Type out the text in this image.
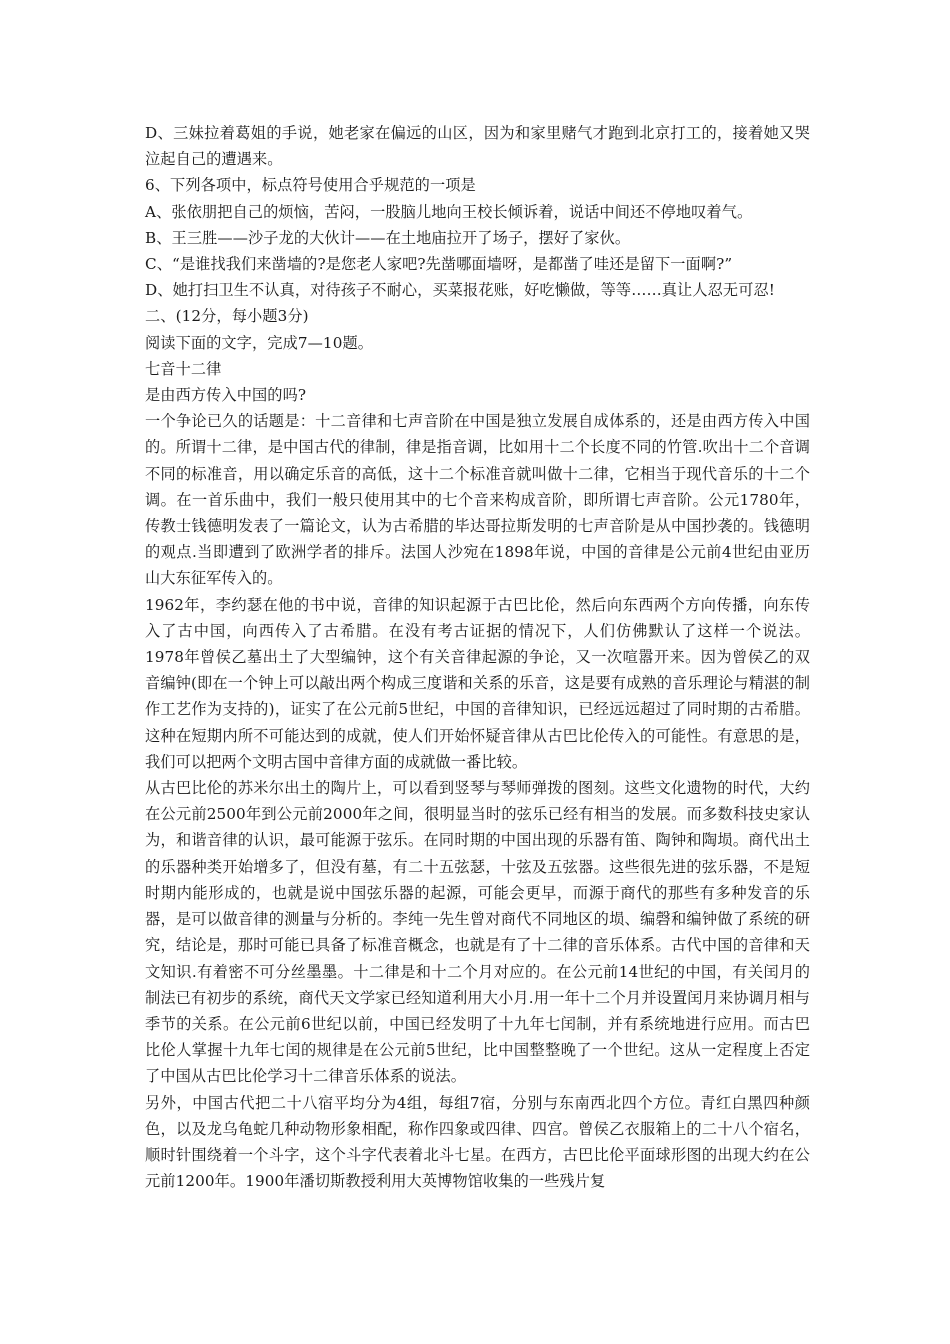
D、三妹拉着葛姐的手说，她老家在偏远的山区，因为和家里赌气才跑到北京打工的，接着她又哭泣起自己的遭遇来。

6、下列各项中，标点符号使用合乎规范的一项是

A、张依朋把自己的烦恼，苦闷，一股脑儿地向王校长倾诉着，说话中间还不停地叹着气。

B、王三胜——沙子龙的大伙计——在土地庙拉开了场子，摆好了家伙。

C、“是谁找我们来凿墙的?是您老人家吧?先凿哪面墙呀，是都凿了哇还是留下一面啊?”

D、她打扫卫生不认真，对待孩子不耐心，买菜报花账，好吃懒做，等等……真让人忍无可忍!

二、(12分，每小题3分)

阅读下面的文字，完成7—10题。

七音十二律

是由西方传入中国的吗?

一个争论已久的话题是：十二音律和七声音阶在中国是独立发展自成体系的，还是由西方传入中国的。所谓十二律，是中国古代的律制，律是指音调，比如用十二个长度不同的竹管.吹出十二个音调不同的标准音，用以确定乐音的高低，这十二个标准音就叫做十二律，它相当于现代音乐的十二个调。在一首乐曲中，我们一般只使用其中的七个音来构成音阶，即所谓七声音阶。公元1780年，传教士钱德明发表了一篇论文，认为古希腊的毕达哥拉斯发明的七声音阶是从中国抄袭的。钱德明的观点.当即遭到了欧洲学者的排斥。法国人沙宛在1898年说，中国的音律是公元前4世纪由亚历山大东征军传入的。

1962年，李约瑟在他的书中说，音律的知识起源于古巴比伦，然后向东西两个方向传播，向东传入了古中国，向西传入了古希腊。在没有考古证据的情况下，人们仿佛默认了这样一个说法。1978年曾侯乙墓出土了大型编钟，这个有关音律起源的争论，又一次喧嚣开来。因为曾侯乙的双音编钟(即在一个钟上可以敲出两个构成三度谐和关系的乐音，这是要有成熟的音乐理论与精湛的制作工艺作为支持的)，证实了在公元前5世纪，中国的音律知识，已经远远超过了同时期的古希腊。这种在短期内所不可能达到的成就，使人们开始怀疑音律从古巴比伦传入的可能性。有意思的是，我们可以把两个文明古国中音律方面的成就做一番比较。

从古巴比伦的苏米尔出土的陶片上，可以看到竖琴与琴师弹拨的图刻。这些文化遗物的时代，大约在公元前2500年到公元前2000年之间，很明显当时的弦乐已经有相当的发展。而多数科技史家认为，和谐音律的认识，最可能源于弦乐。在同时期的中国出现的乐器有笛、陶钟和陶埙。商代出土的乐器种类开始增多了，但没有墓，有二十五弦瑟，十弦及五弦器。这些很先进的弦乐器，不是短时期内能形成的，也就是说中国弦乐器的起源，可能会更早，而源于商代的那些有多种发音的乐器，是可以做音律的测量与分析的。李纯一先生曾对商代不同地区的埙、编磬和编钟做了系统的研究，结论是，那时可能已具备了标准音概念，也就是有了十二律的音乐体系。古代中国的音律和天文知识.有着密不可分丝墨墨。十二律是和十二个月对应的。在公元前14世纪的中国，有关闰月的制法已有初步的系统，商代天文学家已经知道利用大小月.用一年十二个月并设置闰月来协调月相与季节的关系。在公元前6世纪以前，中国已经发明了十九年七闰制，并有系统地进行应用。而古巴比伦人掌握十九年七闰的规律是在公元前5世纪，比中国整整晚了一个世纪。这从一定程度上否定了中国从古巴比伦学习十二律音乐体系的说法。

另外，中国古代把二十八宿平均分为4组，每组7宿，分别与东南西北四个方位。青红白黑四种颜色，以及龙乌龟蛇几种动物形象相配，称作四象或四律、四宫。曾侯乙衣服箱上的二十八个宿名，顺时针围绕着一个斗字，这个斗字代表着北斗七星。在西方，古巴比伦平面球形图的出现大约在公元前1200年。1900年潘切斯教授利用大英博物馆收集的一些残片复
